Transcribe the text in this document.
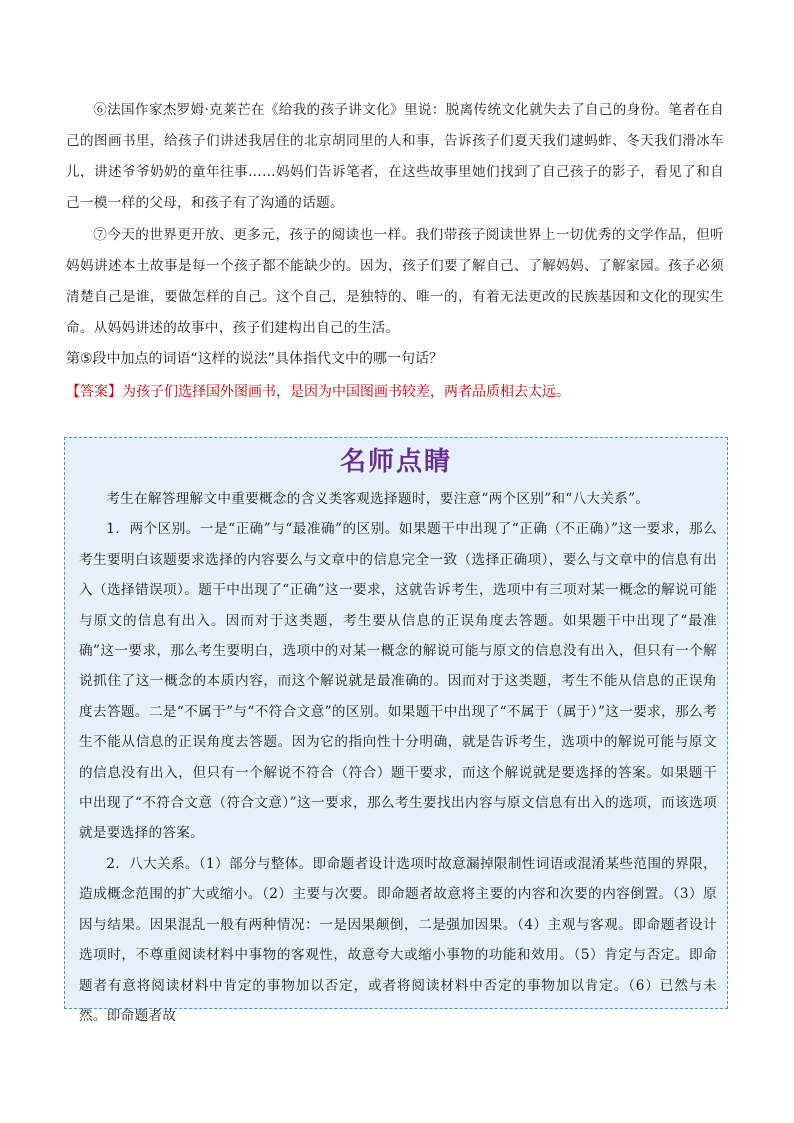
⑥法国作家杰罗姆·克莱芒在《给我的孩子讲文化》里说：脱离传统文化就失去了自己的身份。笔者在自己的图画书里，给孩子们讲述我居住的北京胡同里的人和事，告诉孩子们夏天我们逮蚂蚱、冬天我们滑冰车儿，讲述爷爷奶奶的童年往事……妈妈们告诉笔者，在这些故事里她们找到了自己孩子的影子，看见了和自己一模一样的父母，和孩子有了沟通的话题。

⑦今天的世界更开放、更多元，孩子的阅读也一样。我们带孩子阅读世界上一切优秀的文学作品，但听妈妈讲述本土故事是每一个孩子都不能缺少的。因为，孩子们要了解自己、了解妈妈、了解家园。孩子必须清楚自己是谁，要做怎样的自己。这个自己，是独特的、唯一的，有着无法更改的民族基因和文化的现实生命。从妈妈讲述的故事中，孩子们建构出自己的生活。

第⑤段中加点的词语“这样的说法”具体指代文中的哪一句话？

【答案】为孩子们选择国外图画书，是因为中国图画书较差，两者品质相去太远。

名师点睛

考生在解答理解文中重要概念的含义类客观选择题时，要注意“两个区别”和“八大关系”。

1．两个区别。一是“正确”与“最准确”的区别。如果题干中出现了“正确（不正确）”这一要求，那么考生要明白该题要求选择的内容要么与文章中的信息完全一致（选择正确项），要么与文章中的信息有出入（选择错误项）。题干中出现了“正确”这一要求，这就告诉考生，选项中有三项对某一概念的解说可能与原文的信息有出入。因而对于这类题，考生要从信息的正误角度去答题。如果题干中出现了“最准确”这一要求，那么考生要明白，选项中的对某一概念的解说可能与原文的信息没有出入，但只有一个解说抓住了这一概念的本质内容，而这个解说就是最准确的。因而对于这类题，考生不能从信息的正误角度去答题。二是“不属于”与“不符合文意”的区别。如果题干中出现了“不属于（属于）”这一要求，那么考生不能从信息的正误角度去答题。因为它的指向性十分明确，就是告诉考生，选项中的解说可能与原文的信息没有出入，但只有一个解说不符合（符合）题干要求，而这个解说就是要选择的答案。如果题干中出现了“不符合文意（符合文意）”这一要求，那么考生要找出内容与原文信息有出入的选项，而该选项就是要选择的答案。

2．八大关系。（1）部分与整体。即命题者设计选项时故意漏掉限制性词语或混淆某些范围的界限，造成概念范围的扩大或缩小。（2）主要与次要。即命题者故意将主要的内容和次要的内容倒置。（3）原因与结果。因果混乱一般有两种情况：一是因果颠倒，二是强加因果。（4）主观与客观。即命题者设计选项时，不尊重阅读材料中事物的客观性，故意夸大或缩小事物的功能和效用。（5）肯定与否定。即命题者有意将阅读材料中肯定的事物加以否定，或者将阅读材料中否定的事物加以肯定。（6）已然与未然。即命题者故
